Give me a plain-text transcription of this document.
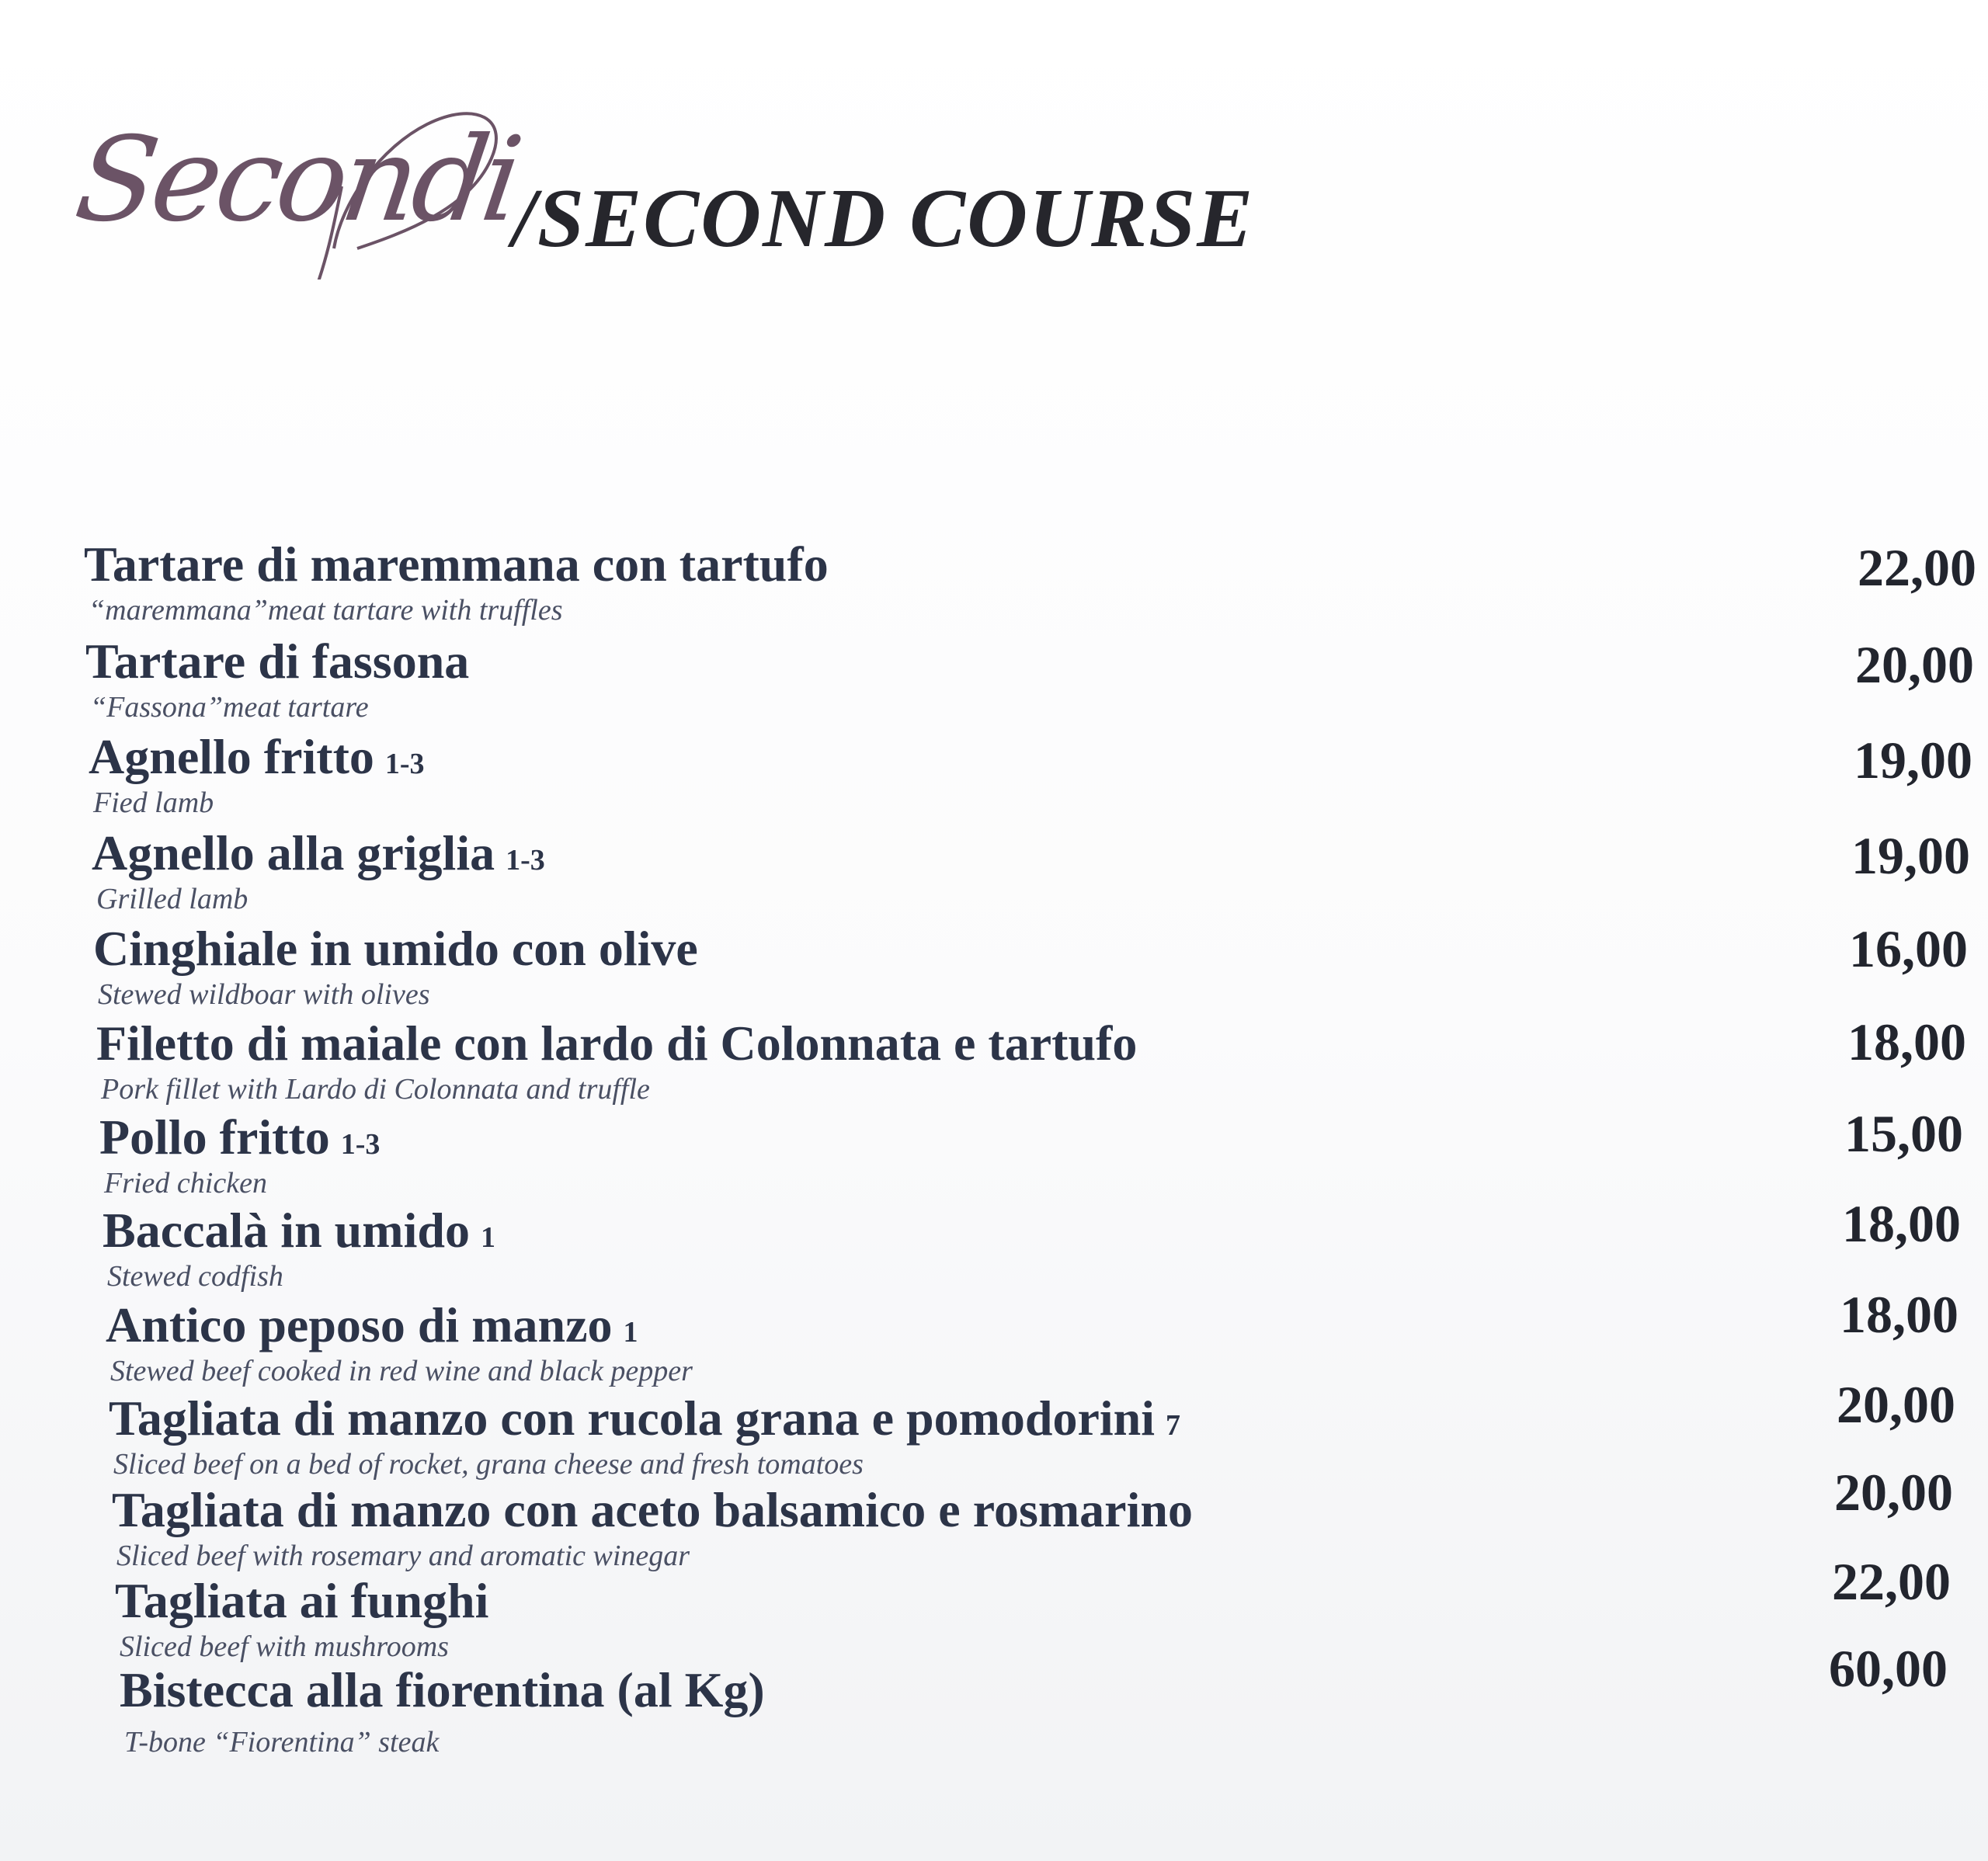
Secondi
/SECOND COURSE
Tartare di maremmana con tartufo
“maremmana”meat tartare with truffles
22,00
Tartare di fassona
“Fassona”meat tartare
20,00
Agnello fritto 1-3
Fied lamb
19,00
Agnello alla griglia 1-3
Grilled lamb
19,00
Cinghiale in umido con olive
Stewed wildboar with olives
16,00
Filetto di maiale con lardo di Colonnata e tartufo
Pork fillet with Lardo di Colonnata and truffle
18,00
Pollo fritto 1-3
Fried chicken
15,00
Baccalà in umido 1
Stewed codfish
18,00
Antico peposo di manzo 1
Stewed beef cooked in red wine and black pepper
18,00
Tagliata di manzo con rucola grana e pomodorini 7
Sliced beef on a bed of rocket, grana cheese and fresh tomatoes
20,00
Tagliata di manzo con aceto balsamico e rosmarino
Sliced beef with rosemary and aromatic winegar
20,00
Tagliata ai funghi
Sliced beef with mushrooms
22,00
Bistecca alla fiorentina (al Kg)
T-bone “Fiorentina” steak
60,00
